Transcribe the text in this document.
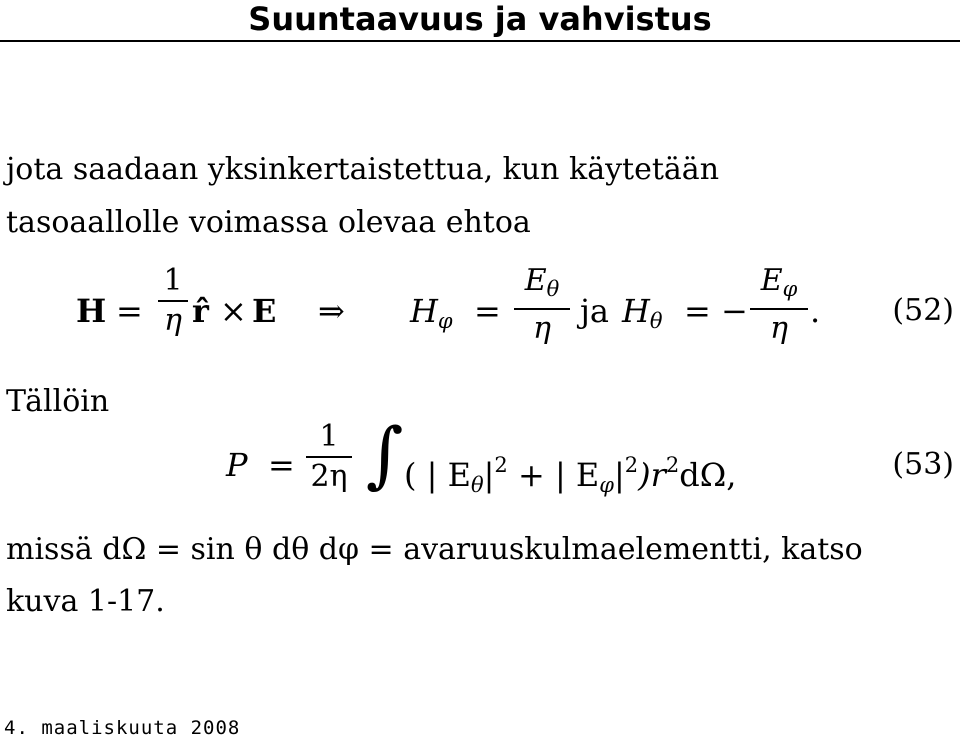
Suuntaavuus ja vahvistus
jota saadaan yksinkertaistettua, kun käytetään
tasoaallolle voimassa olevaa ehtoa
H =
1
η r̂ × E ⇒ $H_\varphi$ =
$E_\theta$
η ja $H_\theta$ = −
$E_\varphi$
η . (52)
Tällöin
P =
1
2η ∫ ( | $E_\theta|^2$ + | $E_\varphi|^2)r^2d\Omega$,	(53)
missä dΩ = sin θ dθ dφ = avaruuskulmaelementti, katso
kuva 1-17.
4. maaliskuuta 2008
